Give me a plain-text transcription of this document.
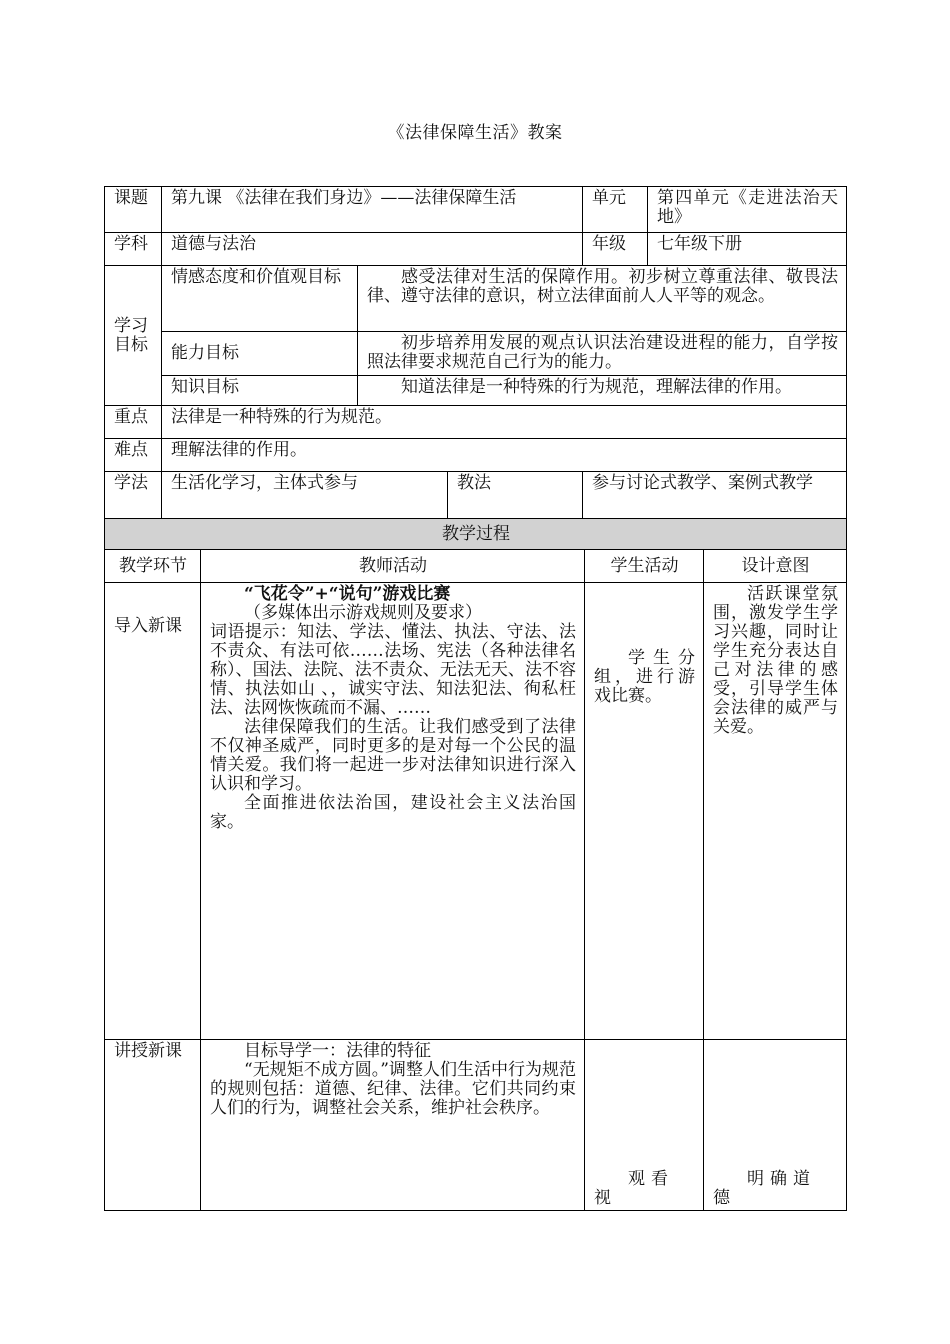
《法律保障生活》教案
课题	第九课 《法律在我们身边》——法律保障生活			单元	第四单元《走进法治天地》
学科	道德与法治			年级	七年级下册
学习目标	情感态度和价值观目标	感受法律对生活的保障作用。初步树立尊重法律、敬畏法律、遵守法律的意识，树立法律面前人人平等的观念。			
	能力目标	初步培养用发展的观点认识法治建设进程的能力，自学按照法律要求规范自己行为的能力。			
	知识目标	知道法律是一种特殊的行为规范，理解法律的作用。			
重点	法律是一种特殊的行为规范。				
难点	理解法律的作用。				
学法	生活化学习，主体式参与		教法	参与讨论式教学、案例式教学	
教学过程			
教学环节	教师活动	学生活动	设计意图

导入新课	“飞花令”+“说句”游戏比赛

（多媒体出示游戏规则及要求）

词语提示：知法、学法、懂法、执法、守法、法不责众、有法可依……法场、宪法（各种法律名称）、国法、法院、法不责众、无法无天、法不容情、执法如山 、，诚实守法、知法犯法、徇私枉法、法网恢恢疏而不漏、……

法律保障我们的生活。让我们感受到了法律不仅神圣威严，同时更多的是对每一个公民的温情关爱。我们将一起进一步对法律知识进行深入认识和学习。

全面推进依法治国，建设社会主义法治国家。	学生分组，进行游戏比赛。	活跃课堂氛围，激发学生学习兴趣，同时让学生充分表达自己对法律的感受，引导学生体会法律的威严与关爱。

讲授新课	目标导学一：法律的特征

“无规矩不成方圆。”调整人们生活中行为规范的规则包括：道德、纪律、法律。它们共同约束人们的行为，调整社会关系，维护社会秩序。	观看视	明确道德
